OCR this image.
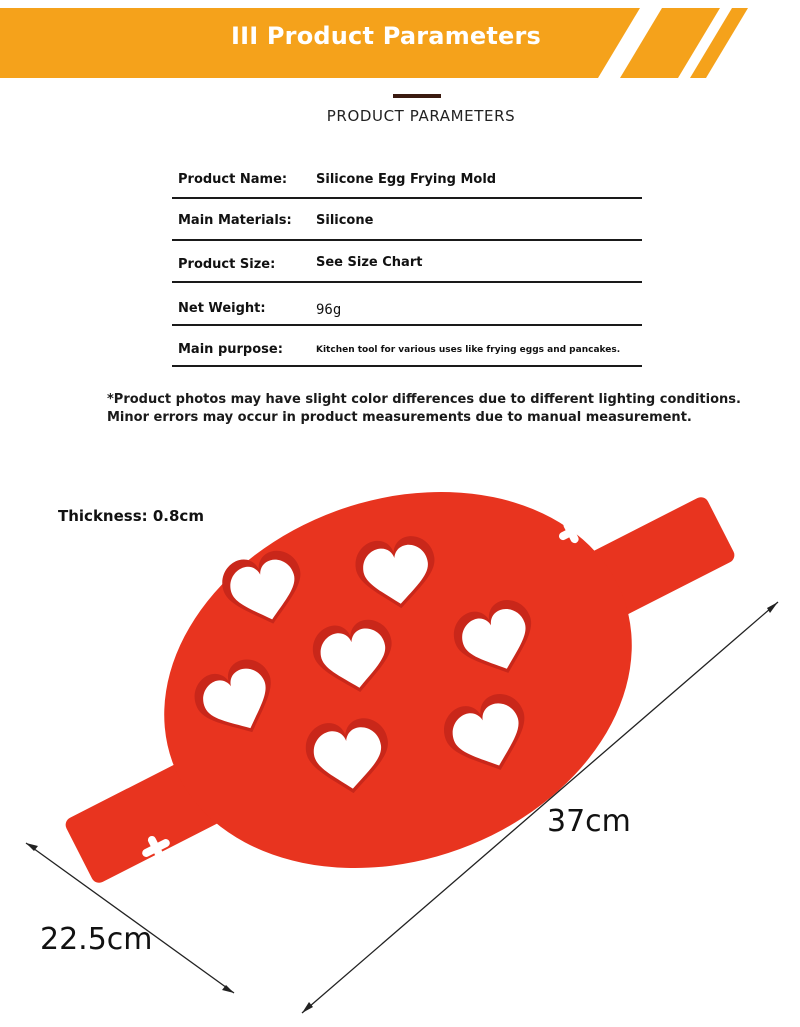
III Product Parameters
PRODUCT PARAMETERS
Product Name: Silicone Egg Frying Mold
Main Materials: Silicone
Product Size:	See Size Chart
Net Weight:	96g
Main purpose:	Kitchen tool for various uses like frying eggs and pancakes.
*Product photos may have slight color differences due to different lighting conditions.
Minor errors may occur in product measurements due to manual measurement.
Thickness: 0.8cm
37cm
22.5cm
